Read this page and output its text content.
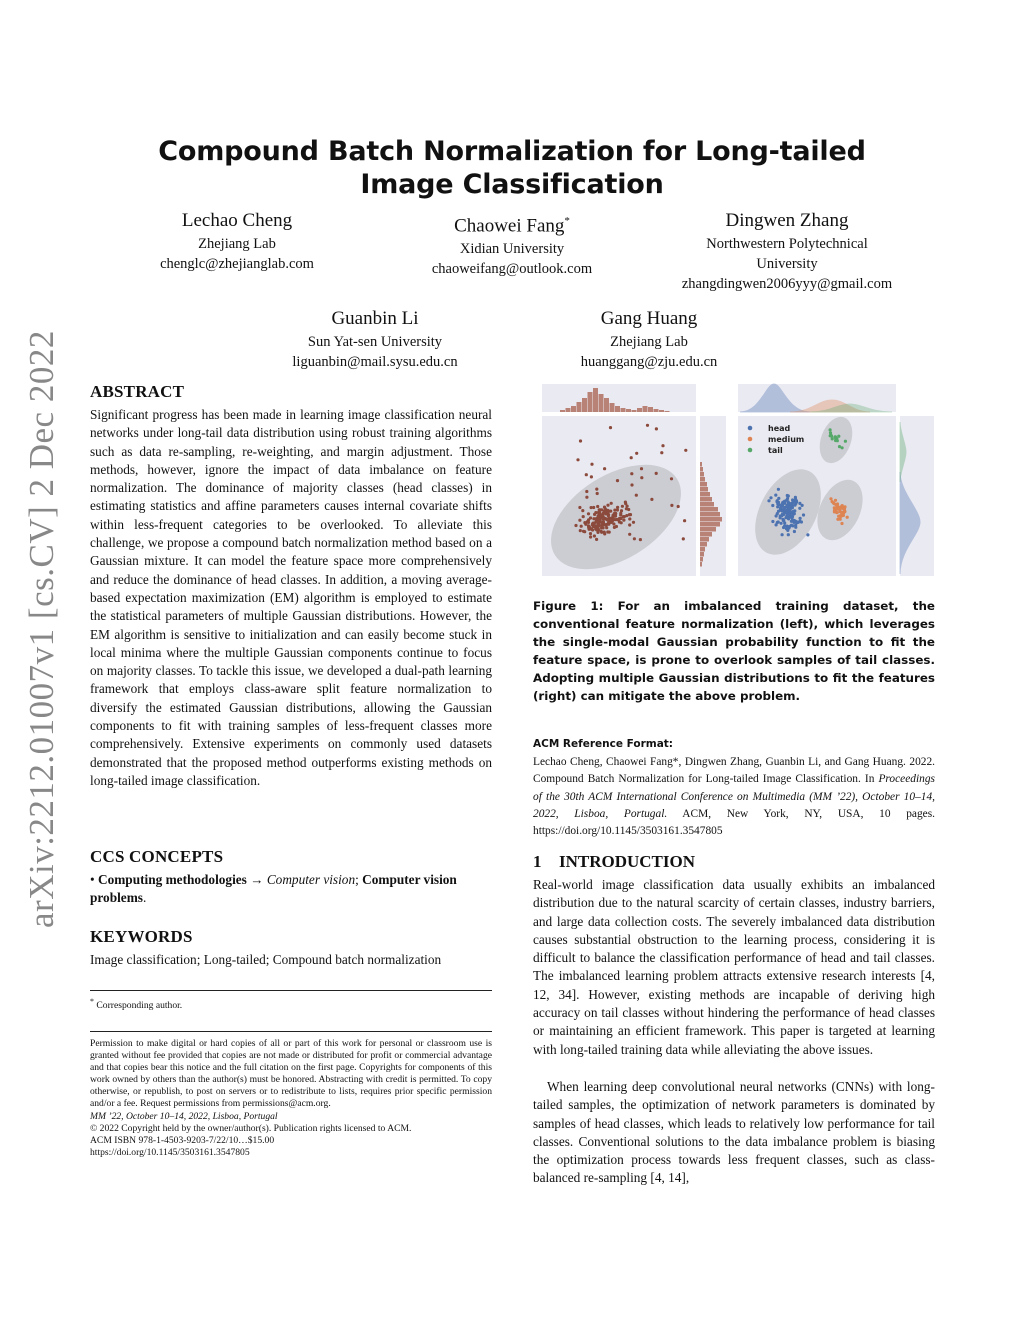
arXiv:2212.01007v1 [cs.CV] 2 Dec 2022
Compound Batch Normalization for Long-tailed Image Classification
Lechao Cheng
Zhejiang Lab
chenglc@zhejianglab.com
Chaowei Fang*
Xidian University
chaoweifang@outlook.com
Dingwen Zhang
Northwestern Polytechnical University
zhangdingwen2006yyy@gmail.com
Guanbin Li
Sun Yat-sen University
liguanbin@mail.sysu.edu.cn
Gang Huang
Zhejiang Lab
huanggang@zju.edu.cn
ABSTRACT

Significant progress has been made in learning image classification neural networks under long-tail data distribution using robust training algorithms such as data re-sampling, re-weighting, and margin adjustment. Those methods, however, ignore the impact of data imbalance on feature normalization. The dominance of majority classes (head classes) in estimating statistics and affine parameters causes internal covariate shifts within less-frequent categories to be overlooked. To alleviate this challenge, we propose a compound batch normalization method based on a Gaussian mixture. It can model the feature space more comprehensively and reduce the dominance of head classes. In addition, a moving average-based expectation maximization (EM) algorithm is employed to estimate the statistical parameters of multiple Gaussian distributions. However, the EM algorithm is sensitive to initialization and can easily become stuck in local minima where the multiple Gaussian components continue to focus on majority classes. To tackle this issue, we developed a dual-path learning framework that employs class-aware split feature normalization to diversify the estimated Gaussian distributions, allowing the Gaussian components to fit with training samples of less-frequent classes more comprehensively. Extensive experiments on commonly used datasets demonstrated that the proposed method outperforms existing methods on long-tailed image classification.

CCS CONCEPTS

• Computing methodologies → Computer vision; Computer vision problems.

KEYWORDS

Image classification; Long-tailed; Compound batch normalization

* Corresponding author.

Permission to make digital or hard copies of all or part of this work for personal or classroom use is granted without fee provided that copies are not made or distributed for profit or commercial advantage and that copies bear this notice and the full citation on the first page. Copyrights for components of this work owned by others than the author(s) must be honored. Abstracting with credit is permitted. To copy otherwise, or republish, to post on servers or to redistribute to lists, requires prior specific permission and/or a fee. Request permissions from permissions@acm.org.
MM ’22, October 10–14, 2022, Lisboa, Portugal
© 2022 Copyright held by the owner/author(s). Publication rights licensed to ACM.
ACM ISBN 978-1-4503-9203-7/22/10…$15.00
https://doi.org/10.1145/3503161.3547805
head
medium
tail

Figure 1: For an imbalanced training dataset, the conventional feature normalization (left), which leverages the single-modal Gaussian probability function to fit the feature space, is prone to overlook samples of tail classes. Adopting multiple Gaussian distributions to fit the features (right) can mitigate the above problem.

ACM Reference Format:

Lechao Cheng, Chaowei Fang*, Dingwen Zhang, Guanbin Li, and Gang Huang. 2022. Compound Batch Normalization for Long-tailed Image Classification. In Proceedings of the 30th ACM International Conference on Multimedia (MM ’22), October 10–14, 2022, Lisboa, Portugal. ACM, New York, NY, USA, 10 pages. https://doi.org/10.1145/3503161.3547805

1 INTRODUCTION

Real-world image classification data usually exhibits an imbalanced distribution due to the natural scarcity of certain classes, industry barriers, and large data collection costs. The severely imbalanced data distribution causes substantial obstruction to the learning process, considering it is difficult to balance the classification performance of head and tail classes. The imbalanced learning problem attracts extensive research interests [4, 12, 34]. However, existing methods are incapable of deriving high accuracy on tail classes without hindering the performance of head classes or maintaining an efficient framework. This paper is targeted at learning with long-tailed training data while alleviating the above issues.

When learning deep convolutional neural networks (CNNs) with long-tailed samples, the optimization of network parameters is dominated by samples of head classes, which leads to relatively low performance for tail classes. Conventional solutions to the data imbalance problem is biasing the optimization process towards less frequent classes, such as class-balanced re-sampling [4, 14],
